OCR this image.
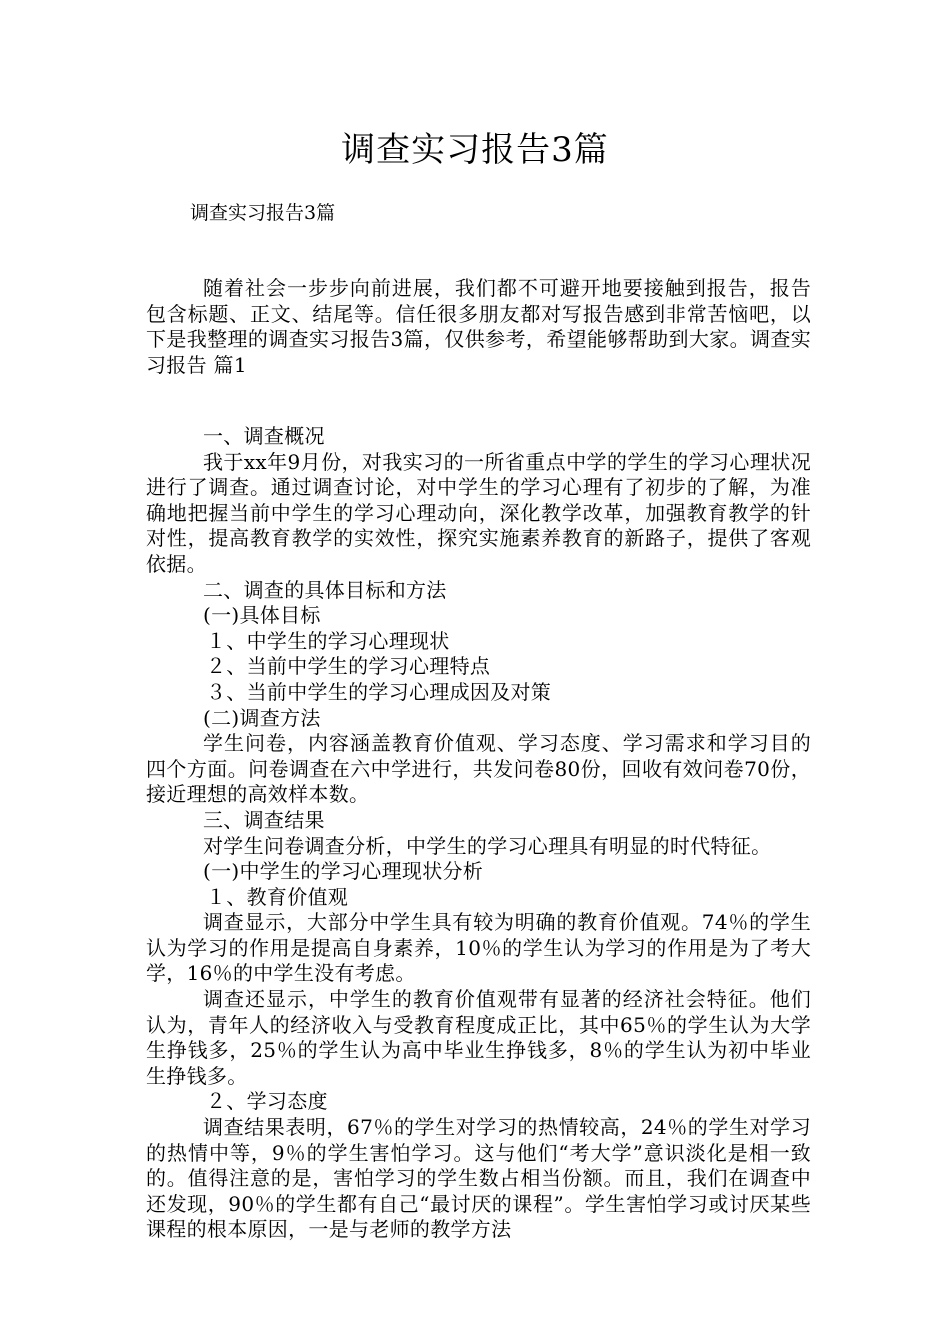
调查实习报告3篇
调查实习报告3篇

随着社会一步步向前进展，我们都不可避开地要接触到报告，报告包含标题、正文、结尾等。信任很多朋友都对写报告感到非常苦恼吧，以下是我整理的调查实习报告3篇，仅供参考，希望能够帮助到大家。调查实习报告 篇1

一、调查概况

我于xx年9月份，对我实习的一所省重点中学的学生的学习心理状况进行了调查。通过调查讨论，对中学生的学习心理有了初步的了解，为准确地把握当前中学生的学习心理动向，深化教学改革，加强教育教学的针对性，提高教育教学的实效性，探究实施素养教育的新路子，提供了客观依据。

二、调查的具体目标和方法

(一)具体目标

１、中学生的学习心理现状

２、当前中学生的学习心理特点

３、当前中学生的学习心理成因及对策

(二)调查方法

学生问卷，内容涵盖教育价值观、学习态度、学习需求和学习目的四个方面。问卷调查在六中学进行，共发问卷80份，回收有效问卷70份，接近理想的高效样本数。

三、调查结果

对学生问卷调查分析，中学生的学习心理具有明显的时代特征。

(一)中学生的学习心理现状分析

１、教育价值观

调查显示，大部分中学生具有较为明确的教育价值观。74％的学生认为学习的作用是提高自身素养，10％的学生认为学习的作用是为了考大学，16％的中学生没有考虑。

调查还显示，中学生的教育价值观带有显著的经济社会特征。他们认为，青年人的经济收入与受教育程度成正比，其中65％的学生认为大学生挣钱多，25％的学生认为高中毕业生挣钱多，8％的学生认为初中毕业生挣钱多。

２、学习态度

调查结果表明，67％的学生对学习的热情较高，24％的学生对学习的热情中等，9％的学生害怕学习。这与他们“考大学”意识淡化是相一致的。值得注意的是，害怕学习的学生数占相当份额。而且，我们在调查中还发现，90％的学生都有自己“最讨厌的课程”。学生害怕学习或讨厌某些课程的根本原因，一是与老师的教学方法
